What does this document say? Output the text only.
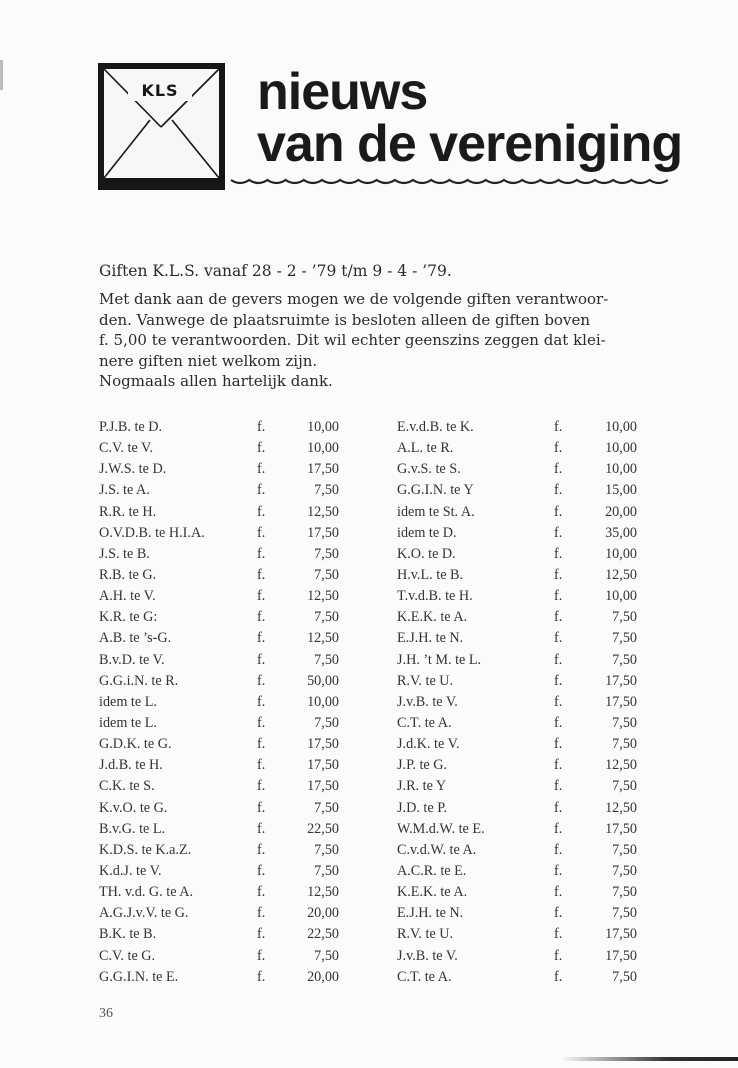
KLS nieuws
van de vereniging
Giften K.L.S. vanaf 28 - 2 - ’79 t/m 9 - 4 - ’79.
Met dank aan de gevers mogen we de volgende giften verantwoor-
den. Vanwege de plaatsruimte is besloten alleen de giften boven
f. 5,00 te verantwoorden. Dit wil echter geenszins zeggen dat klei-
nere giften niet welkom zijn.
Nogmaals allen hartelijk dank.
P.J.B. te D.	f.	10,00
C.V. te V.	f.	10,00
J.W.S. te D.	f.	17,50
J.S. te A.	f.	7,50
R.R. te H.	f.	12,50
O.V.D.B. te H.I.A.	f.	17,50
J.S. te B.	f.	7,50
R.B. te G.	f.	7,50
A.H. te V.	f.	12,50
K.R. te G:	f.	7,50
A.B. te ’s-G.	f.	12,50
B.v.D. te V.	f.	7,50
G.G.i.N. te R.	f.	50,00
idem te L.	f.	10,00
idem te L.	f.	7,50
G.D.K. te G.	f.	17,50
J.d.B. te H.	f.	17,50
C.K. te S.	f.	17,50
K.v.O. te G.	f.	7,50
B.v.G. te L.	f.	22,50
K.D.S. te K.a.Z.	f.	7,50
K.d.J. te V.	f.	7,50
TH. v.d. G. te A.	f.	12,50
A.G.J.v.V. te G.	f.	20,00
B.K. te B.	f.	22,50
C.V. te G.	f.	7,50
G.G.I.N. te E.	f.	20,00
E.v.d.B. te K.	f.	10,00
A.L. te R.	f.	10,00
G.v.S. te S.	f.	10,00
G.G.I.N. te Y	f.	15,00
idem te St. A.	f.	20,00
idem te D.	f.	35,00
K.O. te D.	f.	10,00
H.v.L. te B.	f.	12,50
T.v.d.B. te H.	f.	10,00
K.E.K. te A.	f.	7,50
E.J.H. te N.	f.	7,50
J.H. ’t M. te L.	f.	7,50
R.V. te U.	f.	17,50
J.v.B. te V.	f.	17,50
C.T. te A.	f.	7,50
J.d.K. te V.	f.	7,50
J.P. te G.	f.	12,50
J.R. te Y	f.	7,50
J.D. te P.	f.	12,50
W.M.d.W. te E.	f.	17,50
C.v.d.W. te A.	f.	7,50
A.C.R. te E.	f.	7,50
K.E.K. te A.	f.	7,50
E.J.H. te N.	f.	7,50
R.V. te U.	f.	17,50
J.v.B. te V.	f.	17,50
C.T. te A.	f.	7,50
36
